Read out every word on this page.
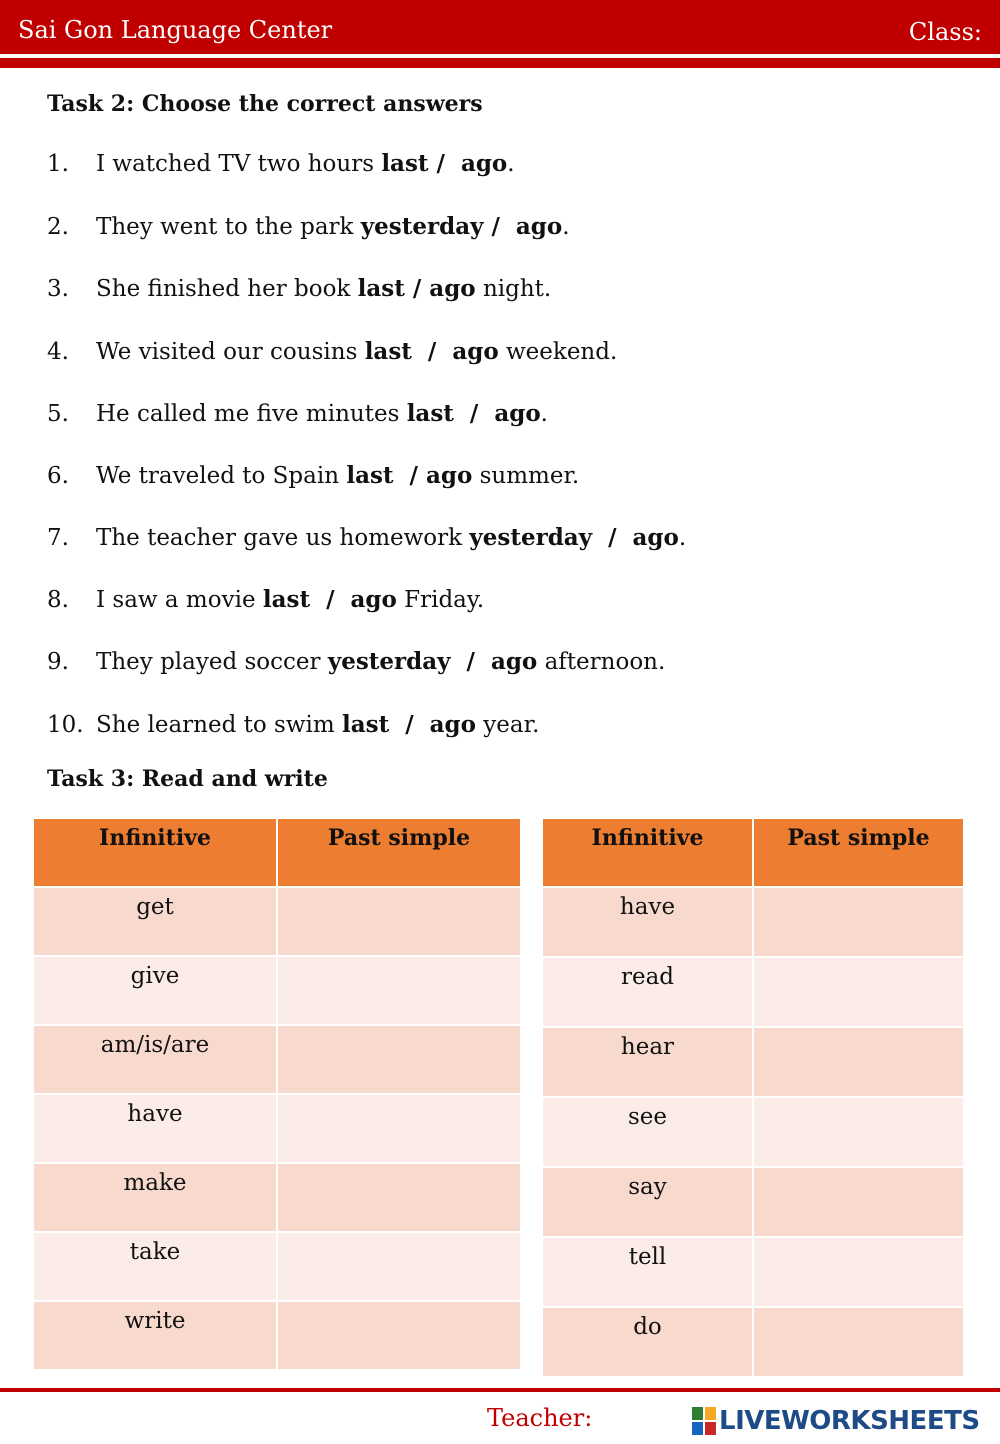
Sai Gon Language Center	Class:
Task 2: Choose the correct answers
1. I watched TV two hours last /  ago.
2. They went to the park yesterday /  ago.
3. She finished her book last / ago night.
4. We visited our cousins last  /  ago weekend.
5. He called me five minutes last  /  ago.
6. We traveled to Spain last  / ago summer.
7. The teacher gave us homework yesterday  /  ago.
8. I saw a movie last  /  ago Friday.
9. They played soccer yesterday  /  ago afternoon.
10. She learned to swim last  /  ago year.
Task 3: Read and write
Infinitive	Past simple
get	
give	
am/is/are	
have	
make	
take	
write	
Infinitive	Past simple
have	
read	
hear	
see	
say	
tell	
do	
Teacher:	LIVEWORKSHEETS
